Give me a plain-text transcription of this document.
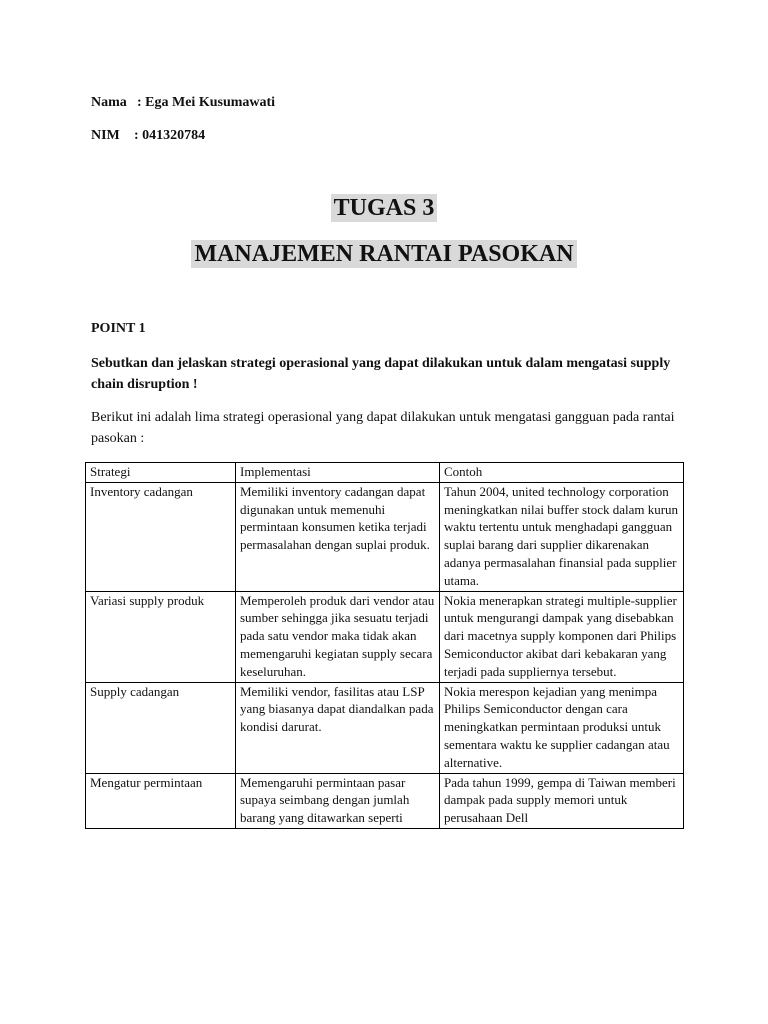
Nama : Ega Mei Kusumawati
NIM : 041320784
TUGAS 3
MANAJEMEN RANTAI PASOKAN
POINT 1
Sebutkan dan jelaskan strategi operasional yang dapat dilakukan untuk dalam mengatasi supply chain disruption !
Berikut ini adalah lima strategi operasional yang dapat dilakukan untuk mengatasi gangguan pada rantai pasokan :
Strategi	Implementasi	Contoh
Inventory cadangan	Memiliki inventory cadangan dapat digunakan untuk memenuhi permintaan konsumen ketika terjadi permasalahan dengan suplai produk.	Tahun 2004, united technology corporation meningkatkan nilai buffer stock dalam kurun waktu tertentu untuk menghadapi gangguan suplai barang dari supplier dikarenakan adanya permasalahan finansial pada supplier utama.
Variasi supply produk	Memperoleh produk dari vendor atau sumber sehingga jika sesuatu terjadi pada satu vendor maka tidak akan memengaruhi kegiatan supply secara keseluruhan.	Nokia menerapkan strategi multiple-supplier untuk mengurangi dampak yang disebabkan dari macetnya supply komponen dari Philips Semiconductor akibat dari kebakaran yang terjadi pada suppliernya tersebut.
Supply cadangan	Memiliki vendor, fasilitas atau LSP yang biasanya dapat diandalkan pada kondisi darurat.	Nokia merespon kejadian yang menimpa Philips Semiconductor dengan cara meningkatkan permintaan produksi untuk sementara waktu ke supplier cadangan atau alternative.
Mengatur permintaan	Memengaruhi permintaan pasar supaya seimbang dengan jumlah barang yang ditawarkan seperti	Pada tahun 1999, gempa di Taiwan memberi dampak pada supply memori untuk perusahaan Dell
